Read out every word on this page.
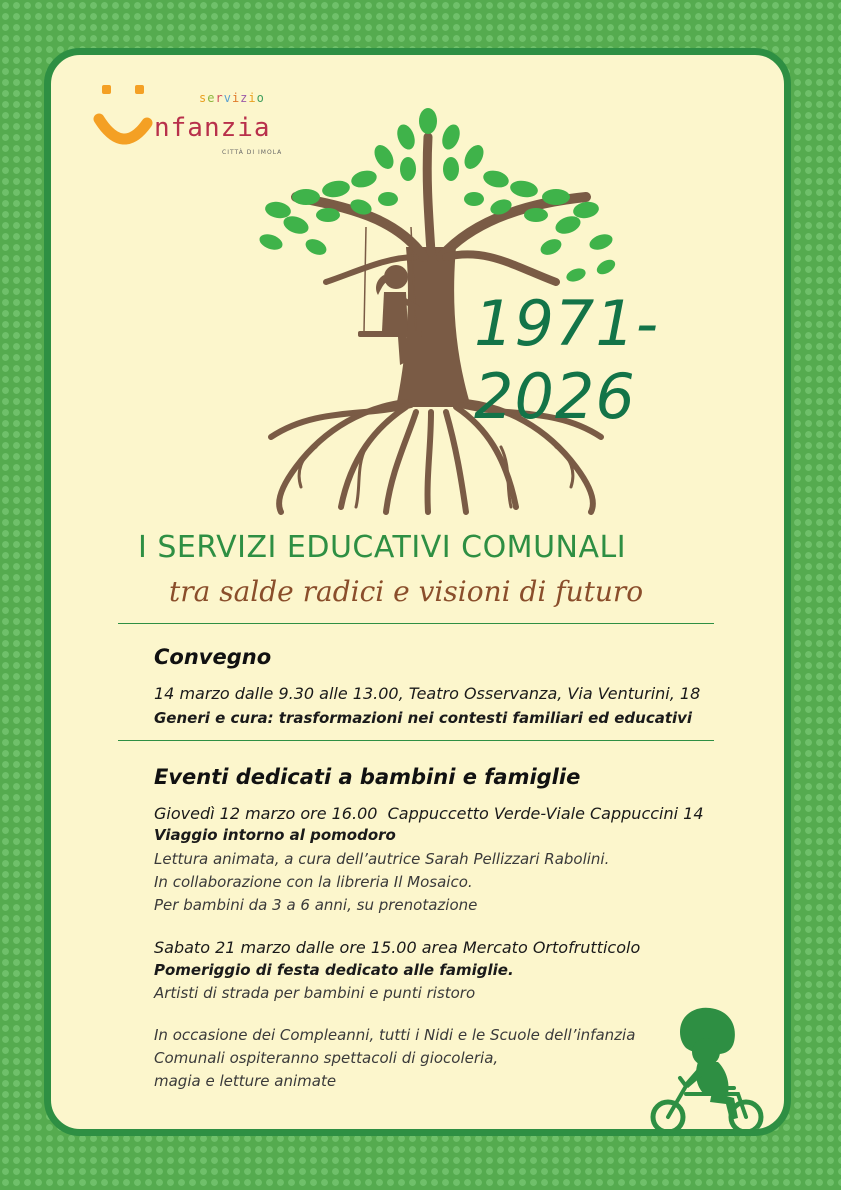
servizio
nfanzia
CITTÀ DI IMOLA
1971-2026
I SERVIZI EDUCATIVI COMUNALI
tra salde radici e visioni di futuro
Convegno
14 marzo dalle 9.30 alle 13.00, Teatro Osservanza, Via Venturini, 18
Generi e cura: trasformazioni nei contesti familiari ed educativi
Eventi dedicati a bambini e famiglie
Giovedì 12 marzo ore 16.00 Cappuccetto Verde-Viale Cappuccini 14
Viaggio intorno al pomodoro
Lettura animata, a cura dell’autrice Sarah Pellizzari Rabolini.
In collaborazione con la libreria Il Mosaico.
Per bambini da 3 a 6 anni, su prenotazione
Sabato 21 marzo dalle ore 15.00 area Mercato Ortofrutticolo
Pomeriggio di festa dedicato alle famiglie.
Artisti di strada per bambini e punti ristoro
In occasione dei Compleanni, tutti i Nidi e le Scuole dell’infanzia
Comunali ospiteranno spettacoli di giocoleria,
magia e letture animate
